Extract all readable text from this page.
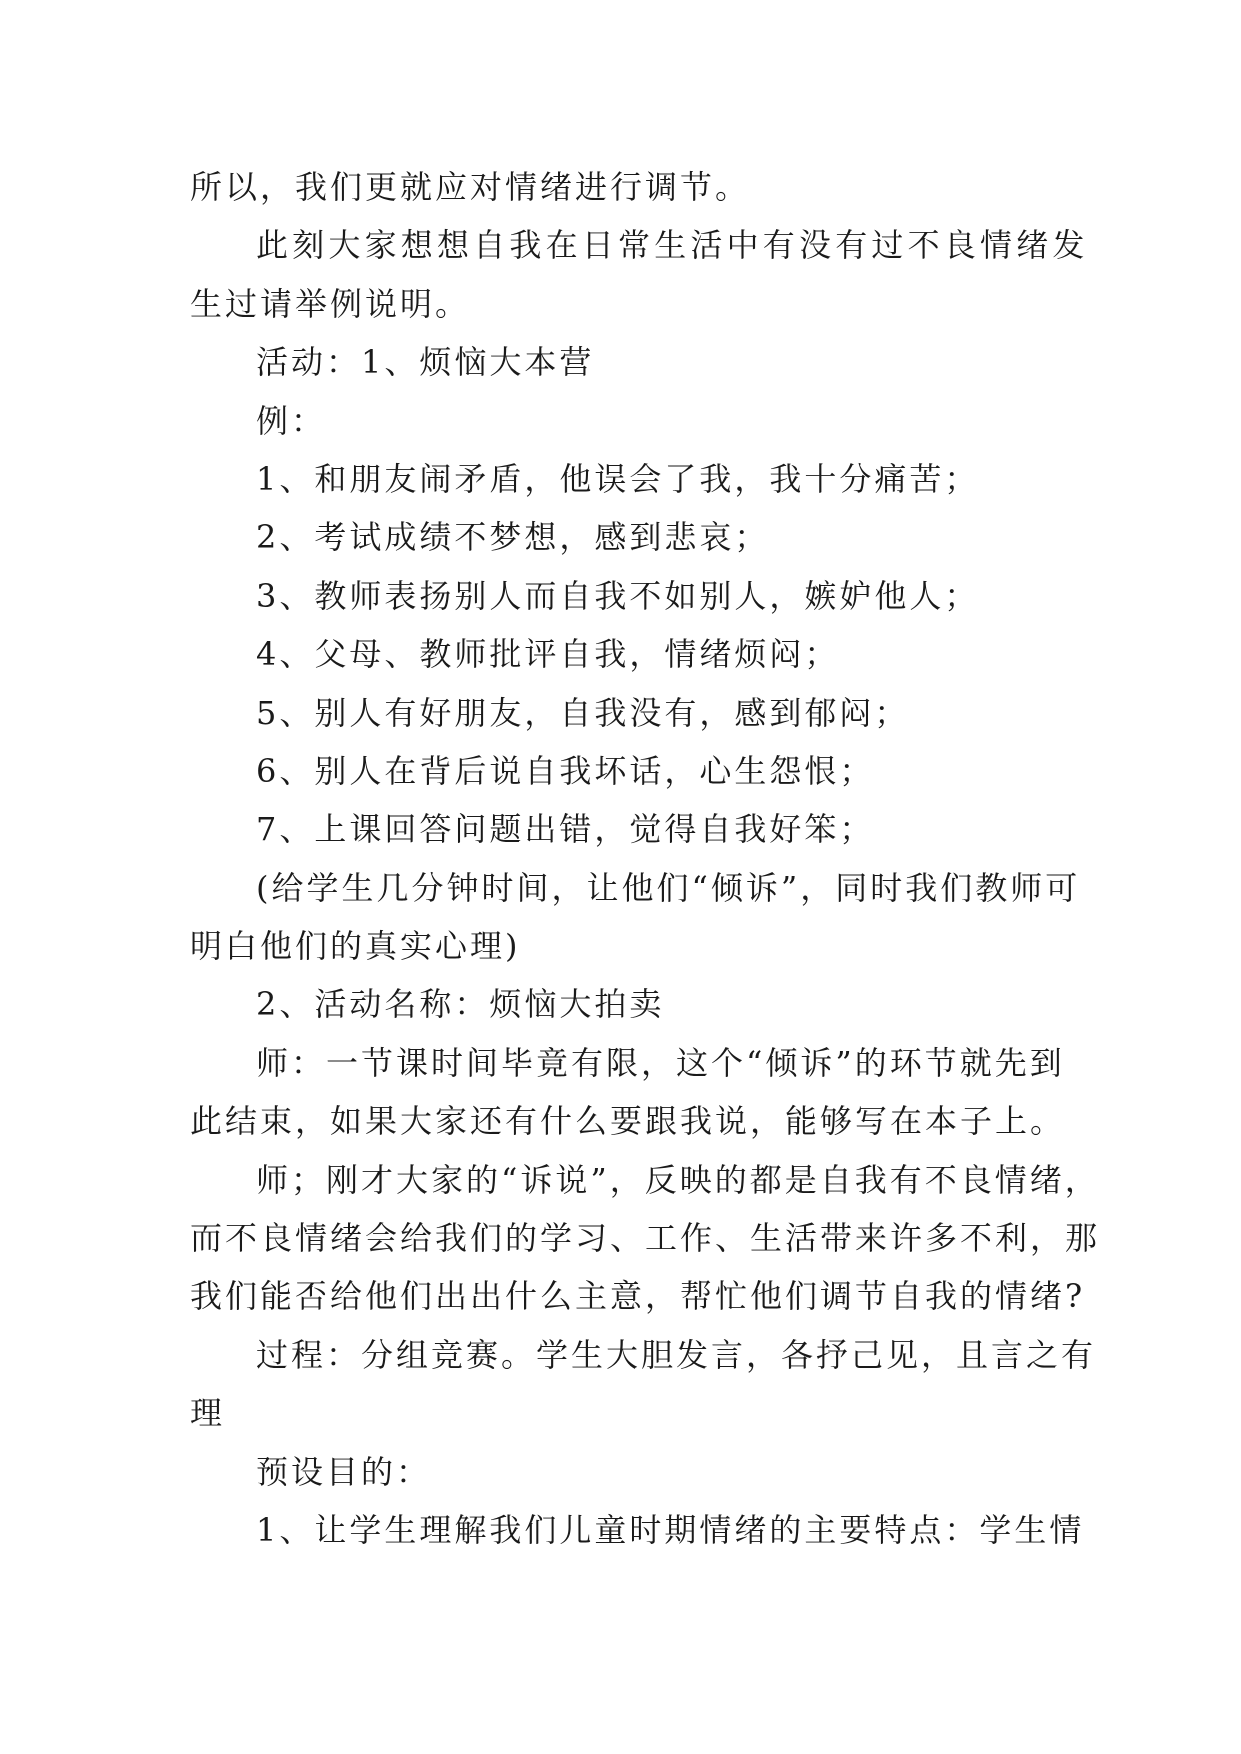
所以，我们更就应对情绪进行调节。
此刻大家想想自我在日常生活中有没有过不良情绪发
生过请举例说明。
活动：1、烦恼大本营
例：
1、和朋友闹矛盾，他误会了我，我十分痛苦；
2、考试成绩不梦想，感到悲哀；
3、教师表扬别人而自我不如别人，嫉妒他人；
4、父母、教师批评自我，情绪烦闷；
5、别人有好朋友，自我没有，感到郁闷；
6、别人在背后说自我坏话，心生怨恨；
7、上课回答问题出错，觉得自我好笨；
(给学生几分钟时间，让他们“倾诉”，同时我们教师可
明白他们的真实心理)
2、活动名称：烦恼大拍卖
师：一节课时间毕竟有限，这个“倾诉”的环节就先到
此结束，如果大家还有什么要跟我说，能够写在本子上。
师；刚才大家的“诉说”，反映的都是自我有不良情绪，
而不良情绪会给我们的学习、工作、生活带来许多不利，那
我们能否给他们出出什么主意，帮忙他们调节自我的情绪?
过程：分组竞赛。学生大胆发言，各抒己见，且言之有
理
预设目的：
1、让学生理解我们儿童时期情绪的主要特点：学生情
